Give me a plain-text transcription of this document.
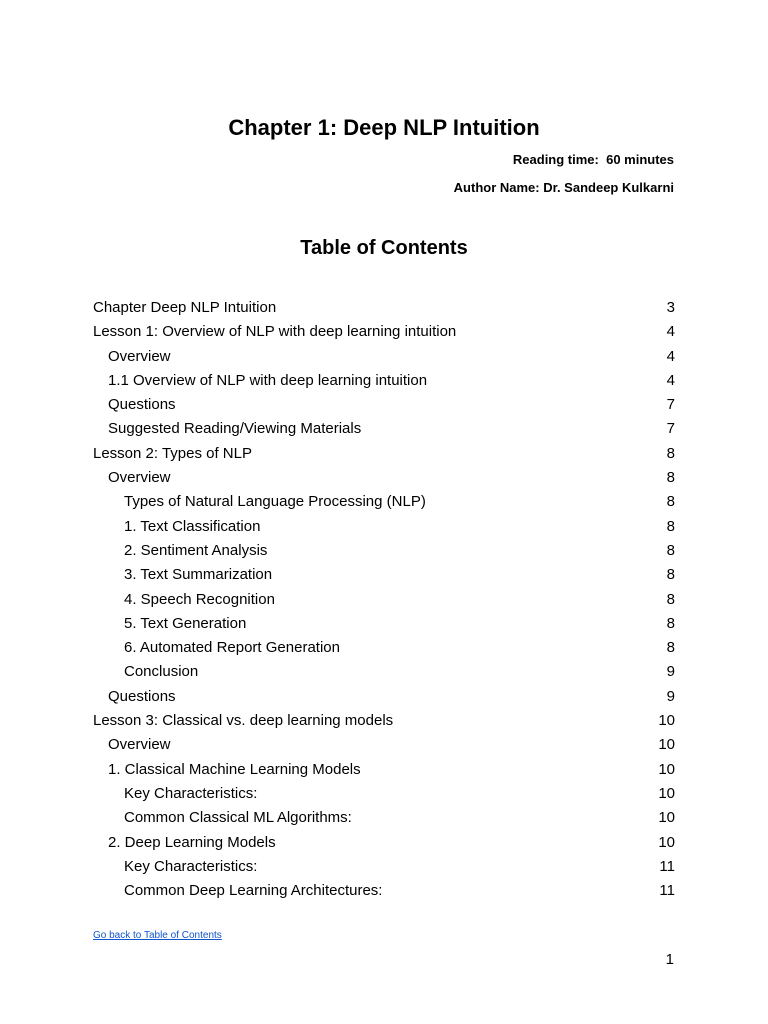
Chapter 1: Deep NLP Intuition

Reading time:  60 minutes

Author Name: Dr. Sandeep Kulkarni

Table of Contents
Chapter Deep NLP Intuition	3
Lesson 1: Overview of NLP with deep learning intuition	4
Overview	4
1.1 Overview of NLP with deep learning intuition	4
Questions	7
Suggested Reading/Viewing Materials	7
Lesson 2: Types of NLP	8
Overview	8
Types of Natural Language Processing (NLP)	8
1. Text Classification	8
2. Sentiment Analysis	8
3. Text Summarization	8
4. Speech Recognition	8
5. Text Generation	8
6. Automated Report Generation	8
Conclusion	9
Questions	9
Lesson 3: Classical vs. deep learning models	10
Overview	10
1. Classical Machine Learning Models	10
Key Characteristics:	10
Common Classical ML Algorithms:	10
2. Deep Learning Models	10
Key Characteristics:	11
Common Deep Learning Architectures:	11
Go back to Table of Contents
1
